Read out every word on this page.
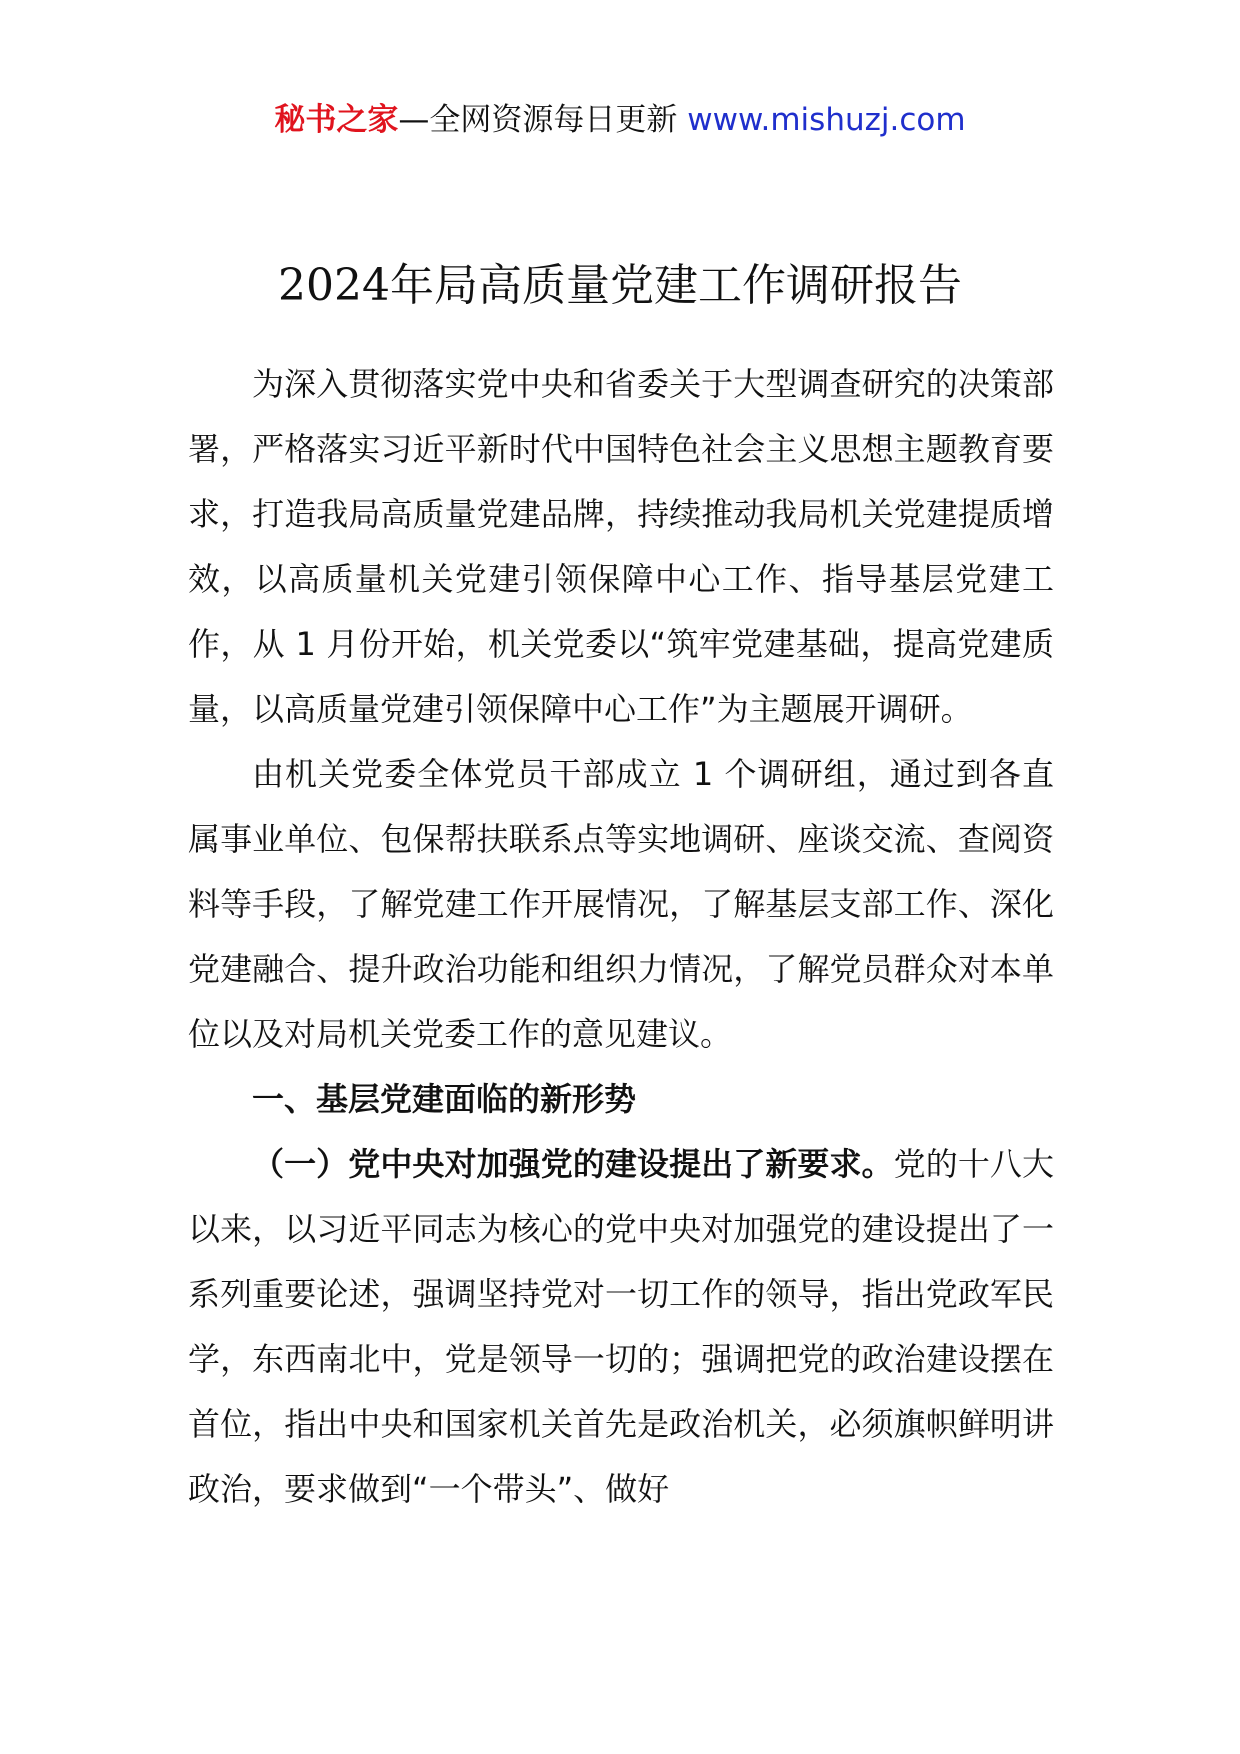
秘书之家—全网资源每日更新 www.mishuzj.com
2024年局高质量党建工作调研报告

为深入贯彻落实党中央和省委关于大型调查研究的决策部署，严格落实习近平新时代中国特色社会主义思想主题教育要求，打造我局高质量党建品牌，持续推动我局机关党建提质增效，以高质量机关党建引领保障中心工作、指导基层党建工作，从 1 月份开始，机关党委以“筑牢党建基础，提高党建质量，以高质量党建引领保障中心工作”为主题展开调研。

由机关党委全体党员干部成立 1 个调研组，通过到各直属事业单位、包保帮扶联系点等实地调研、座谈交流、查阅资料等手段，了解党建工作开展情况，了解基层支部工作、深化党建融合、提升政治功能和组织力情况，了解党员群众对本单位以及对局机关党委工作的意见建议。

一、基层党建面临的新形势

（一）党中央对加强党的建设提出了新要求。党的十八大以来，以习近平同志为核心的党中央对加强党的建设提出了一系列重要论述，强调坚持党对一切工作的领导，指出党政军民学，东西南北中，党是领导一切的；强调把党的政治建设摆在首位，指出中央和国家机关首先是政治机关，必须旗帜鲜明讲政治，要求做到“一个带头”、做好
